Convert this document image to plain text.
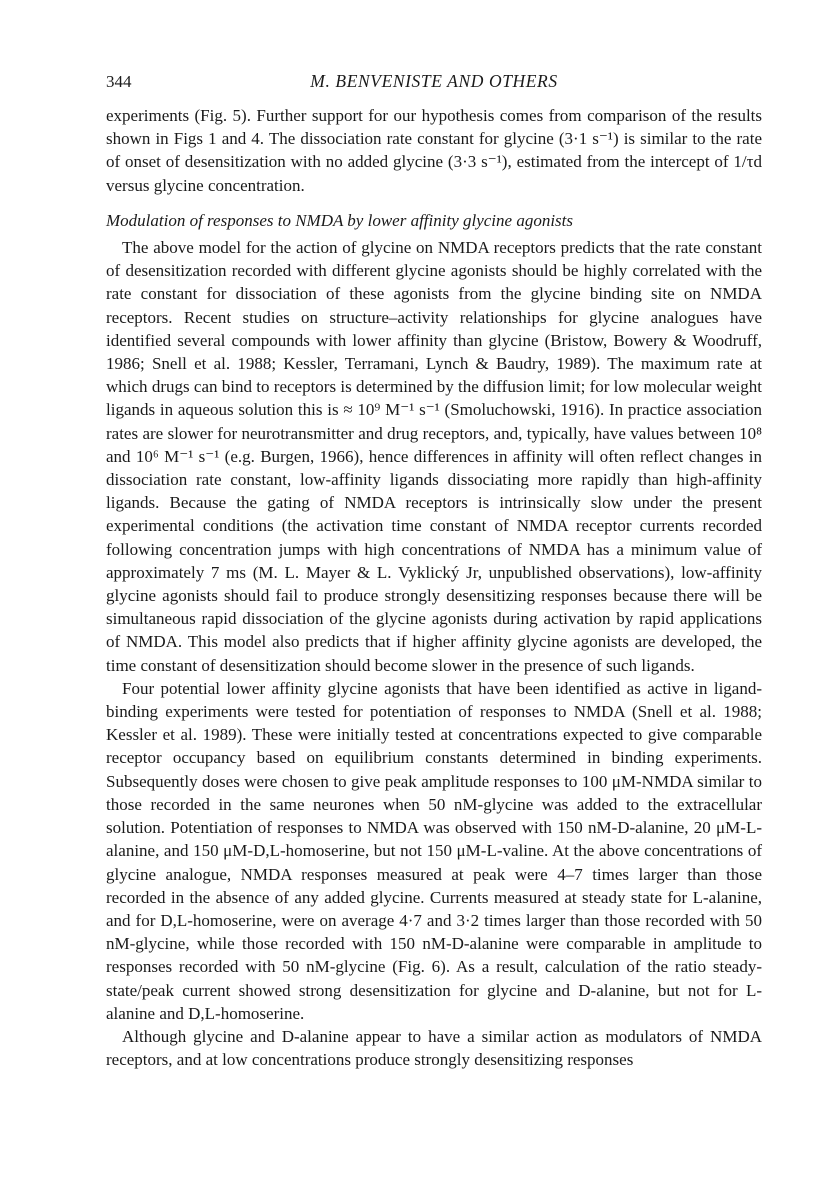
344	M. BENVENISTE AND OTHERS

experiments (Fig. 5). Further support for our hypothesis comes from comparison of the results shown in Figs 1 and 4. The dissociation rate constant for glycine (3·1 s⁻¹) is similar to the rate of onset of desensitization with no added glycine (3·3 s⁻¹), estimated from the intercept of 1/τd versus glycine concentration.

Modulation of responses to NMDA by lower affinity glycine agonists

The above model for the action of glycine on NMDA receptors predicts that the rate constant of desensitization recorded with different glycine agonists should be highly correlated with the rate constant for dissociation of these agonists from the glycine binding site on NMDA receptors. Recent studies on structure–activity relationships for glycine analogues have identified several compounds with lower affinity than glycine (Bristow, Bowery & Woodruff, 1986; Snell et al. 1988; Kessler, Terramani, Lynch & Baudry, 1989). The maximum rate at which drugs can bind to receptors is determined by the diffusion limit; for low molecular weight ligands in aqueous solution this is ≈ 10⁹ M⁻¹ s⁻¹ (Smoluchowski, 1916). In practice association rates are slower for neurotransmitter and drug receptors, and, typically, have values between 10⁸ and 10⁶ M⁻¹ s⁻¹ (e.g. Burgen, 1966), hence differences in affinity will often reflect changes in dissociation rate constant, low-affinity ligands dissociating more rapidly than high-affinity ligands. Because the gating of NMDA receptors is intrinsically slow under the present experimental conditions (the activation time constant of NMDA receptor currents recorded following concentration jumps with high concentrations of NMDA has a minimum value of approximately 7 ms (M. L. Mayer & L. Vyklický Jr, unpublished observations), low-affinity glycine agonists should fail to produce strongly desensitizing responses because there will be simultaneous rapid dissociation of the glycine agonists during activation by rapid applications of NMDA. This model also predicts that if higher affinity glycine agonists are developed, the time constant of desensitization should become slower in the presence of such ligands.

Four potential lower affinity glycine agonists that have been identified as active in ligand-binding experiments were tested for potentiation of responses to NMDA (Snell et al. 1988; Kessler et al. 1989). These were initially tested at concentrations expected to give comparable receptor occupancy based on equilibrium constants determined in binding experiments. Subsequently doses were chosen to give peak amplitude responses to 100 μM-NMDA similar to those recorded in the same neurones when 50 nM-glycine was added to the extracellular solution. Potentiation of responses to NMDA was observed with 150 nM-D-alanine, 20 μM-L-alanine, and 150 μM-D,L-homoserine, but not 150 μM-L-valine. At the above concentrations of glycine analogue, NMDA responses measured at peak were 4–7 times larger than those recorded in the absence of any added glycine. Currents measured at steady state for L-alanine, and for D,L-homoserine, were on average 4·7 and 3·2 times larger than those recorded with 50 nM-glycine, while those recorded with 150 nM-D-alanine were comparable in amplitude to responses recorded with 50 nM-glycine (Fig. 6). As a result, calculation of the ratio steady-state/peak current showed strong desensitization for glycine and D-alanine, but not for L-alanine and D,L-homoserine.

Although glycine and D-alanine appear to have a similar action as modulators of NMDA receptors, and at low concentrations produce strongly desensitizing responses
